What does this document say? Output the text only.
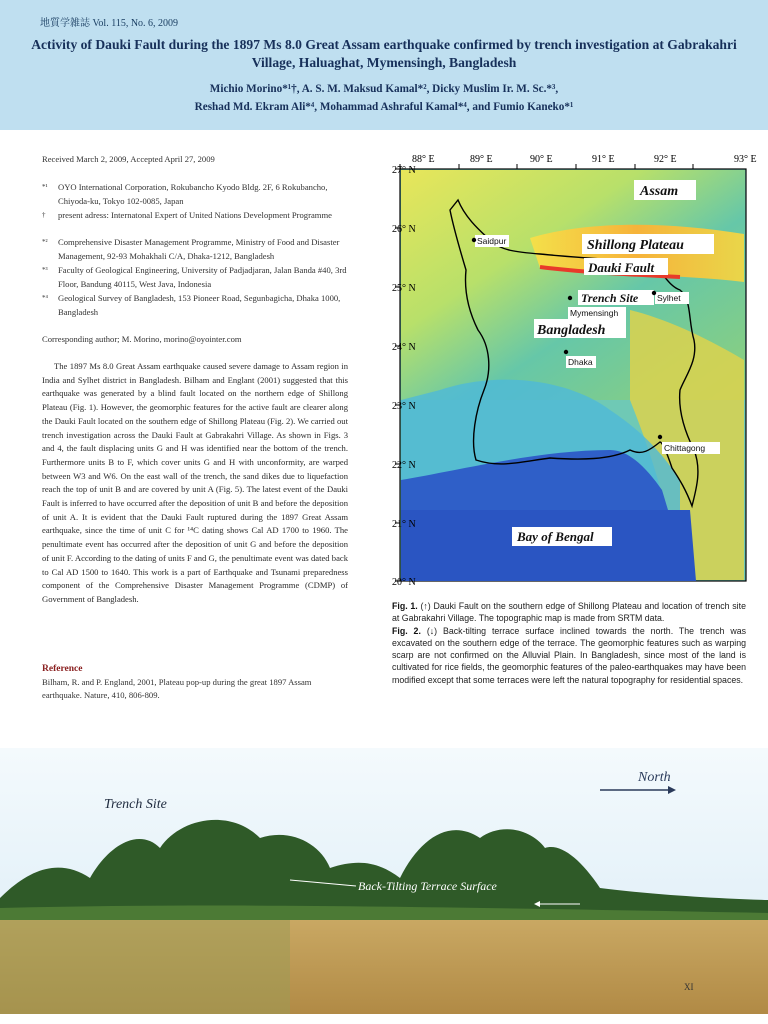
地質学雑誌 Vol. 115, No. 6, 2009
Activity of Dauki Fault during the 1897 Ms 8.0 Great Assam earthquake confirmed by trench investigation at Gabrakahri Village, Haluaghat, Mymensingh, Bangladesh
Michio Morino*¹†, A. S. M. Maksud Kamal*², Dicky Muslim Ir. M. Sc.*³,
Reshad Md. Ekram Ali*⁴, Mohammad Ashraful Kamal*⁴, and Fumio Kaneko*¹
Received March 2, 2009, Accepted April 27, 2009
*¹ OYO International Corporation, Rokubancho Kyodo Bldg. 2F, 6 Rokubancho, Chiyoda-ku, Tokyo 102-0085, Japan
† present adress: Internatonal Expert of United Nations Development Programme
*² Comprehensive Disaster Management Programme, Ministry of Food and Disaster Management, 92-93 Mohakhali C/A, Dhaka-1212, Bangladesh
*³ Faculty of Geological Engineering, University of Padjadjaran, Jalan Banda #40, 3rd Floor, Bandung 40115, West Java, Indonesia
*⁴ Geological Survey of Bangladesh, 153 Pioneer Road, Segunbagicha, Dhaka 1000, Bangladesh
Corresponding author; M. Morino, morino@oyointer.com
The 1897 Ms 8.0 Great Assam earthquake caused severe damage to Assam region in India and Sylhet district in Bangladesh. Bilham and Englant (2001) suggested that this earthquake was generated by a blind fault located on the northern edge of Shillong Plateau (Fig. 1). However, the geomorphic features for the active fault are clearer along the Dauki Fault located on the southern edge of Shillong Plateau (Fig. 2). We carried out trench investigation across the Dauki Fault at Gabrakahri Village. As shown in Figs. 3 and 4, the fault displacing units G and H was identified near the bottom of the trench. Furthermore units B to F, which cover units G and H with unconformity, are warped between W3 and W6. On the east wall of the trench, the sand dikes due to liquefaction reach the top of unit B and are covered by unit A (Fig. 5). The latest event of the Dauki Fault is inferred to have occurred after the deposition of unit B and before the deposition of unit A. It is evident that the Dauki Fault ruptured during the 1897 Great Assam earthquake, since the time of unit C for ¹⁴C dating shows Cal AD 1700 to 1960. The penultimate event has occurred after the deposition of unit G and before the deposition of unit F. According to the dating of units F and G, the penultimate event was dated back to Cal AD 1500 to 1640. This work is a part of Earthquake and Tsunami preparedness component of the Comprehensive Disaster Management Programme (CDMP) of Government of Bangladesh.
Reference
Bilham, R. and P. England, 2001, Plateau pop-up during the great 1897 Assam earthquake. Nature, 410, 806-809.
88° E	89° E	90° E	91° E	92° E	93° E
27° N
26° N
25° N
24° N
23° N
22° N
21° N
20° N
Assam
Shillong Plateau
Dauki Fault
Trench Site
Bangladesh
Bay of Bengal
Saidpur
Sylhet
Mymensingh
Dhaka
Chittagong
Fig. 1. (↑) Dauki Fault on the southern edge of Shillong Plateau and location of trench site at Gabrakahri Village. The topographic map is made from SRTM data.
Fig. 2. (↓) Back-tilting terrace surface inclined towards the north. The trench was excavated on the southern edge of the terrace. The geomorphic features such as warping scarp are not confirmed on the Alluvial Plain. In Bangladesh, since most of the land is cultivated for rice fields, the geomorphic features of the paleo-earthquakes may have been modified except that some terraces were left the natural topography for residential spaces.
North
Trench Site
Back-Tilting Terrace Surface
XI
